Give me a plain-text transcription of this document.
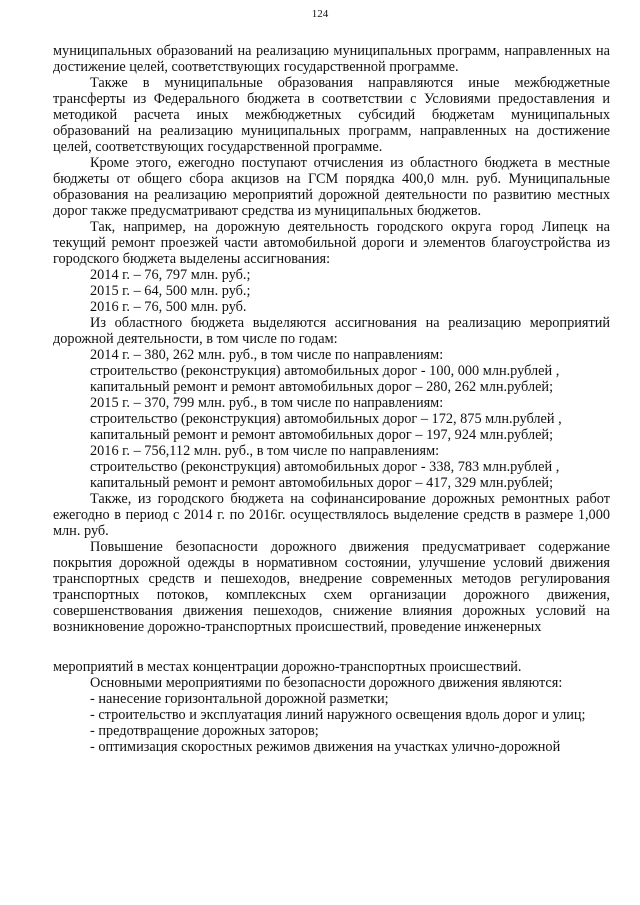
124

муниципальных образований на реализацию муниципальных программ, направленных на достижение целей, соответствующих государственной программе.

Также в муниципальные образования направляются иные межбюджетные трансферты из Федерального бюджета в соответствии с Условиями предоставления и методикой расчета иных межбюджетных субсидий бюджетам муниципальных образований на реализацию муниципальных программ, направленных на достижение целей, соответствующих государственной программе.

Кроме этого, ежегодно поступают отчисления из областного бюджета в местные бюджеты от общего сбора акцизов на ГСМ порядка 400,0 млн. руб. Муниципальные образования на реализацию мероприятий дорожной деятельности по развитию местных дорог также предусматривают средства из муниципальных бюджетов.

Так, например, на дорожную деятельность городского округа город Липецк на текущий ремонт проезжей части автомобильной дороги и элементов благоустройства из городского бюджета выделены ассигнования:

2014 г. – 76, 797 млн. руб.;

2015 г. – 64, 500 млн. руб.;

2016 г. – 76, 500 млн. руб.

Из областного бюджета выделяются ассигнования на реализацию мероприятий дорожной деятельности, в том числе по годам:

2014 г. – 380, 262 млн. руб., в том числе по направлениям:

строительство (реконструкция) автомобильных дорог - 100, 000 млн.рублей ,

капитальный ремонт и ремонт автомобильных дорог – 280, 262 млн.рублей;

2015 г. – 370, 799 млн. руб., в том числе по направлениям:

строительство (реконструкция) автомобильных дорог – 172, 875 млн.рублей ,

капитальный ремонт и ремонт автомобильных дорог – 197, 924 млн.рублей;

2016 г. – 756,112 млн. руб., в том числе по направлениям:

строительство (реконструкция) автомобильных дорог - 338, 783 млн.рублей ,

капитальный ремонт и ремонт автомобильных дорог – 417, 329 млн.рублей;

Также, из городского бюджета на софинансирование дорожных ремонтных работ ежегодно в период с 2014 г. по 2016г. осуществлялось выделение средств в размере 1,000 млн. руб.

Повышение безопасности дорожного движения предусматривает содержание покрытия дорожной одежды в нормативном состоянии, улучшение условий движения транспортных средств и пешеходов, внедрение современных методов регулирования транспортных потоков, комплексных схем организации дорожного движения, совершенствования движения пешеходов, снижение влияния дорожных условий на возникновение дорожно-транспортных происшествий, проведение инженерных

мероприятий в местах концентрации дорожно-транспортных происшествий.

Основными мероприятиями по безопасности дорожного движения являются:

- нанесение горизонтальной дорожной разметки;

- строительство и эксплуатация линий наружного освещения вдоль дорог и улиц;

- предотвращение дорожных заторов;

- оптимизация скоростных режимов движения на участках улично-дорожной
